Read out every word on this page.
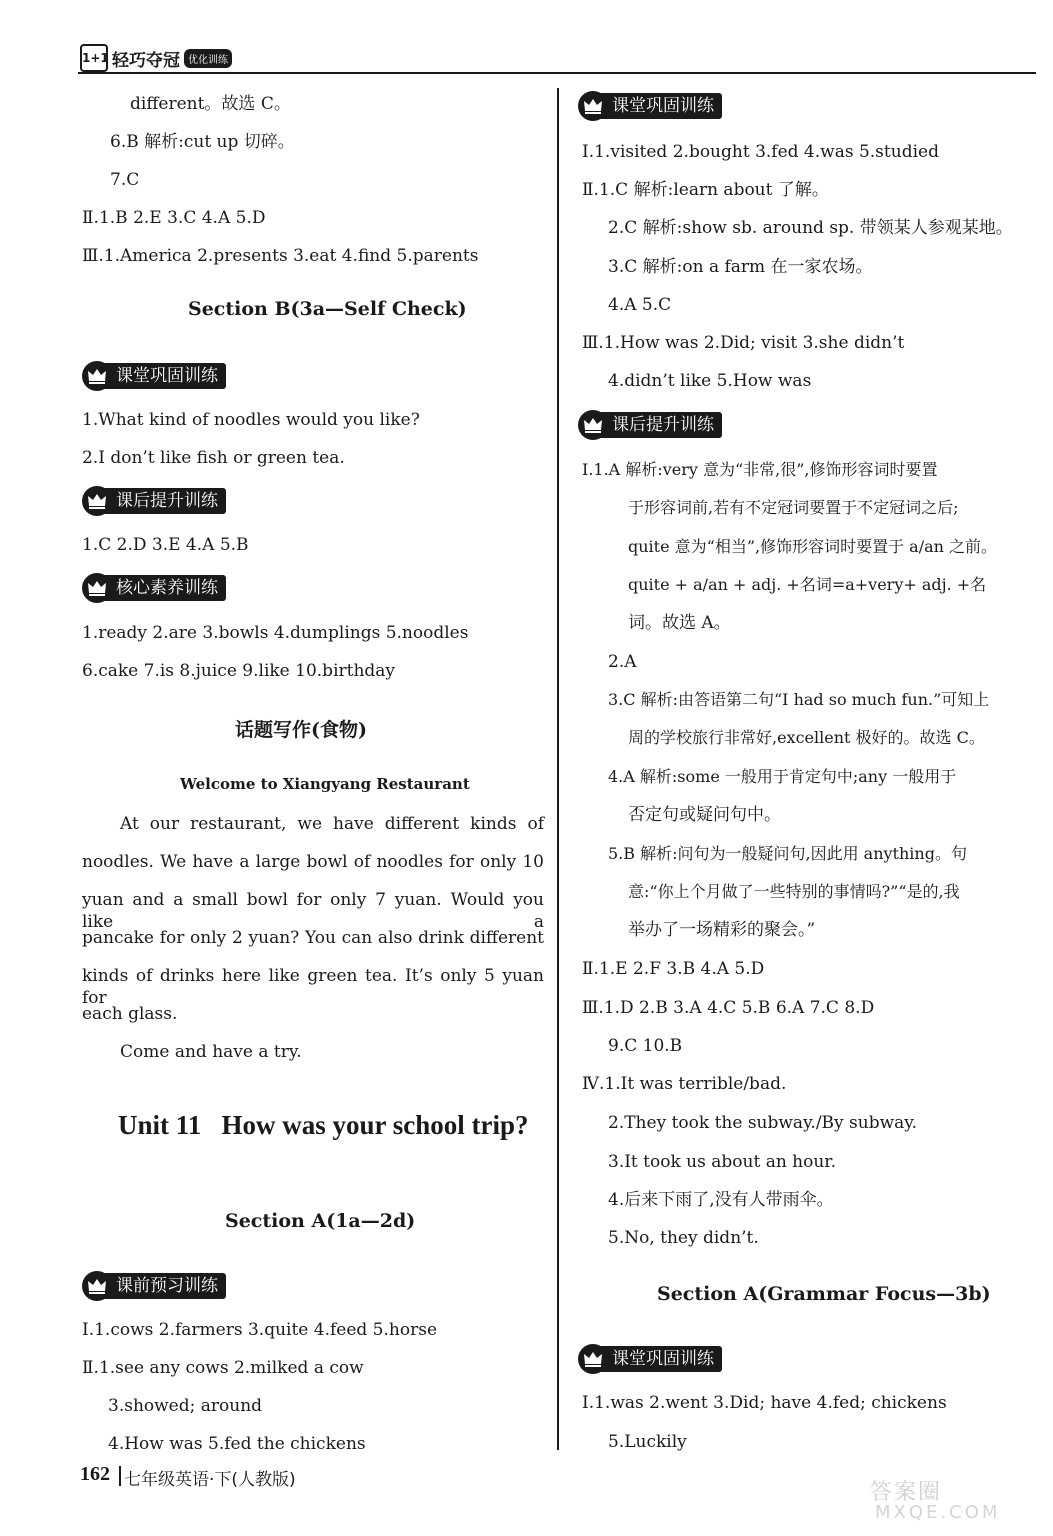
1+1 轻巧夺冠 优化训练
different。故选 C。
6.B 解析:cut up 切碎。
7.C
Ⅱ.1.B 2.E 3.C 4.A 5.D
Ⅲ.1.America 2.presents 3.eat 4.find 5.parents
Section B(3a—Self Check)
课堂巩固训练
1.What kind of noodles would you like?
2.I don’t like fish or green tea.
课后提升训练
1.C 2.D 3.E 4.A 5.B
核心素养训练
1.ready 2.are 3.bowls 4.dumplings 5.noodles
6.cake 7.is 8.juice 9.like 10.birthday
话题写作(食物)
Welcome to Xiangyang Restaurant
At our restaurant, we have different kinds of
noodles. We have a large bowl of noodles for only 10
yuan and a small bowl for only 7 yuan. Would you like a
pancake for only 2 yuan? You can also drink different
kinds of drinks here like green tea. It’s only 5 yuan for
each glass.
Come and have a try.
Unit 11   How was your school trip?
Section A(1a—2d)
课前预习训练
Ⅰ.1.cows 2.farmers 3.quite 4.feed 5.horse
Ⅱ.1.see any cows 2.milked a cow
3.showed; around
4.How was 5.fed the chickens
课堂巩固训练
Ⅰ.1.visited 2.bought 3.fed 4.was 5.studied
Ⅱ.1.C 解析:learn about 了解。
2.C 解析:show sb. around sp. 带领某人参观某地。
3.C 解析:on a farm 在一家农场。
4.A 5.C
Ⅲ.1.How was 2.Did; visit 3.she didn’t
4.didn’t like 5.How was
课后提升训练
Ⅰ.1.A 解析:very 意为“非常,很”,修饰形容词时要置
于形容词前,若有不定冠词要置于不定冠词之后;
quite 意为“相当”,修饰形容词时要置于 a/an 之前。
quite + a/an + adj. +名词=a+very+ adj. +名
词。故选 A。
2.A
3.C 解析:由答语第二句“I had so much fun.”可知上
周的学校旅行非常好,excellent 极好的。故选 C。
4.A 解析:some 一般用于肯定句中;any 一般用于
否定句或疑问句中。
5.B 解析:问句为一般疑问句,因此用 anything。句
意:“你上个月做了一些特别的事情吗?”“是的,我
举办了一场精彩的聚会。”
Ⅱ.1.E 2.F 3.B 4.A 5.D
Ⅲ.1.D 2.B 3.A 4.C 5.B 6.A 7.C 8.D
9.C 10.B
Ⅳ.1.It was terrible/bad.
2.They took the subway./By subway.
3.It took us about an hour.
4.后来下雨了,没有人带雨伞。
5.No, they didn’t.
Section A(Grammar Focus—3b)
课堂巩固训练
Ⅰ.1.was 2.went 3.Did; have 4.fed; chickens
5.Luckily
162 七年级英语·下(人教版)	答案圈
MXQE.COM
